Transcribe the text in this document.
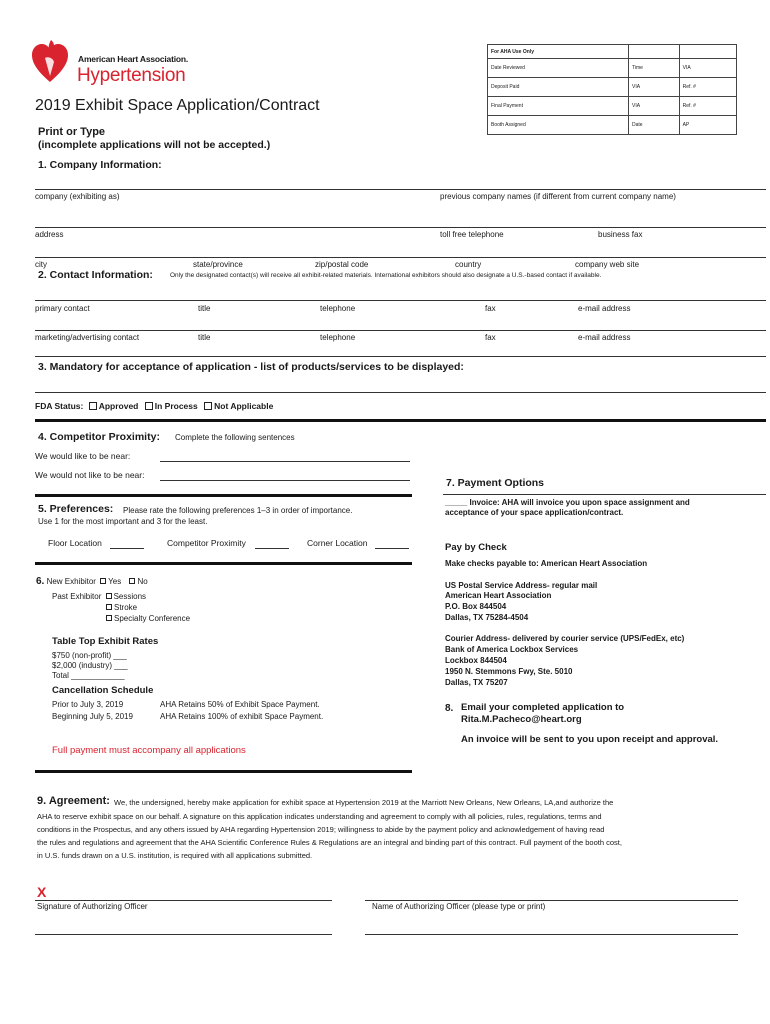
American Heart Association.
Hypertension
For AHA Use Only		
Date Reviewed	Time	VIA
Deposit Paid	VIA	Ref. #
Final Payment	VIA	Ref. #
Booth Assigned	Date	AP
2019 Exhibit Space Application/Contract
Print or Type
(incomplete applications will not be accepted.)
1. Company Information:
company (exhibiting as)	previous company names (if different from current company name)
address	toll free telephone	business fax
city	state/province	zip/postal code	country	company web site
2. Contact Information:	Only the designated contact(s) will receive all exhibit-related materials. International exhibitors should also designate a U.S.-based contact if available.
primary contact	title	telephone	fax	e-mail address
marketing/advertising contact	title	telephone	fax	e-mail address
3. Mandatory for acceptance of application - list of products/services to be displayed:
FDA Status: Approved In Process Not Applicable
4. Competitor Proximity: Complete the following sentences
We would like to be near:
We would not like to be near:
5. Preferences: Please rate the following preferences 1–3 in order of importance.
Use 1 for the most important and 3 for the least.
Floor Location	Competitor Proximity	Corner Location
6. New Exhibitor Yes No
Past Exhibitor Sessions
Stroke
Specialty Conference
Table Top Exhibit Rates
$750 (non-profit) ___
$2,000 (industry) ___
Total ____________
Cancellation Schedule
Prior to July 3, 2019	AHA Retains 50% of Exhibit Space Payment.
Beginning July 5, 2019	AHA Retains 100% of exhibit Space Payment.
Full payment must accompany all applications
7. Payment Options
_____ Invoice: AHA will invoice you upon space assignment and
acceptance of your space application/contract.
Pay by Check
Make checks payable to: American Heart Association
US Postal Service Address- regular mail
American Heart Association
P.O. Box 844504
Dallas, TX 75284-4504
Courier Address- delivered by courier service (UPS/FedEx, etc)
Bank of America Lockbox Services
Lockbox 844504
1950 N. Stemmons Fwy, Ste. 5010
Dallas, TX 75207
8. Email your completed application to
Rita.M.Pacheco@heart.org
An invoice will be sent to you upon receipt and approval.
9. Agreement: We, the undersigned, hereby make application for exhibit space at Hypertension 2019 at the Marriott New Orleans, New Orleans, LA,and authorize the
AHA to reserve exhibit space on our behalf. A signature on this application indicates understanding and agreement to comply with all policies, rules, regulations, terms and
conditions in the Prospectus, and any others issued by AHA regarding Hypertension 2019; willingness to abide by the payment policy and acknowledgement of having read
the rules and regulations and agreement that the AHA Scientific Conference Rules & Regulations are an integral and binding part of this contract. Full payment of the booth cost,
in U.S. funds drawn on a U.S. institution, is required with all applications submitted.
X
Signature of Authorizing Officer	Name of Authorizing Officer (please type or print)
